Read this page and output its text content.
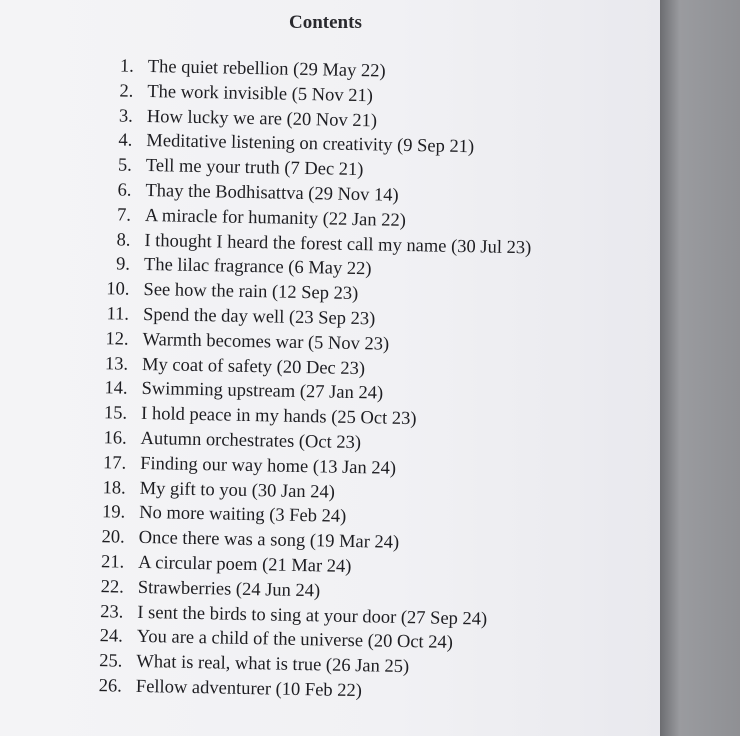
Contents
1. The quiet rebellion (29 May 22)
2. The work invisible (5 Nov 21)
3. How lucky we are (20 Nov 21)
4. Meditative listening on creativity (9 Sep 21)
5. Tell me your truth (7 Dec 21)
6. Thay the Bodhisattva (29 Nov 14)
7. A miracle for humanity (22 Jan 22)
8. I thought I heard the forest call my name (30 Jul 23)
9. The lilac fragrance (6 May 22)
10. See how the rain (12 Sep 23)
11. Spend the day well (23 Sep 23)
12. Warmth becomes war (5 Nov 23)
13. My coat of safety (20 Dec 23)
14. Swimming upstream (27 Jan 24)
15. I hold peace in my hands (25 Oct 23)
16. Autumn orchestrates (Oct 23)
17. Finding our way home (13 Jan 24)
18. My gift to you (30 Jan 24)
19. No more waiting (3 Feb 24)
20. Once there was a song (19 Mar 24)
21. A circular poem (21 Mar 24)
22. Strawberries (24 Jun 24)
23. I sent the birds to sing at your door (27 Sep 24)
24. You are a child of the universe (20 Oct 24)
25. What is real, what is true (26 Jan 25)
26. Fellow adventurer (10 Feb 22)
